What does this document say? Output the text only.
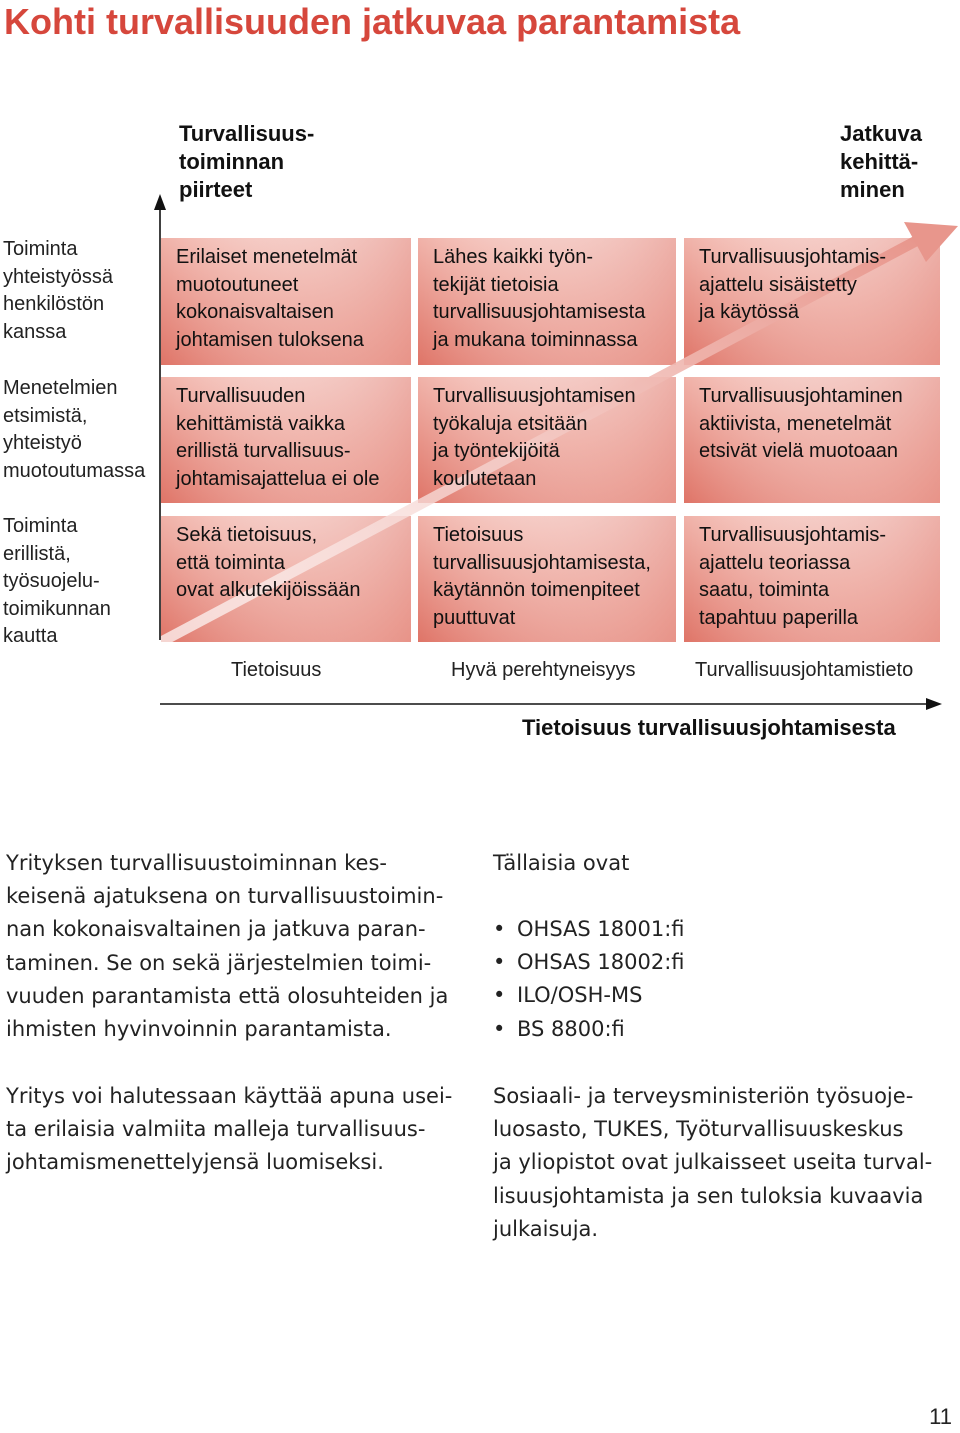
Kohti turvallisuuden jatkuvaa parantamista
Turvallisuus-
toiminnan
piirteet
Jatkuva
kehittä-
minen
Toiminta
yhteistyössä
henkilöstön
kanssa
Menetelmien
etsimistä,
yhteistyö
muotoutumassa
Toiminta
erillistä,
työsuojelu-
toimikunnan
kautta
Erilaiset menetelmät
muotoutuneet
kokonaisvaltaisen
johtamisen tuloksena
Lähes kaikki työn-
tekijät tietoisia
turvallisuusjohtamisesta
ja mukana toiminnassa
Turvallisuusjohtamis-
ajattelu sisäistetty
ja käytössä
Turvallisuuden
kehittämistä vaikka
erillistä turvallisuus-
johtamisajattelua ei ole
Turvallisuusjohtamisen
työkaluja etsitään
ja työntekijöitä
koulutetaan
Turvallisuusjohtaminen
aktiivista, menetelmät
etsivät vielä muotoaan
Sekä tietoisuus,
että toiminta
ovat alkutekijöissään
Tietoisuus
turvallisuusjohtamisesta,
käytännön toimenpiteet
puuttuvat
Turvallisuusjohtamis-
ajattelu teoriassa
saatu, toiminta
tapahtuu paperilla
Tietoisuus	Hyvä perehtyneisyys	Turvallisuusjohtamistieto
Tietoisuus turvallisuusjohtamisesta

Yrityksen turvallisuustoiminnan kes-
keisenä ajatuksena on turvallisuustoimin-
nan kokonaisvaltainen ja jatkuva paran-
taminen. Se on sekä järjestelmien toimi-
vuuden parantamista että olosuhteiden ja
ihmisten hyvinvoinnin parantamista.

Yritys voi halutessaan käyttää apuna usei-
ta erilaisia valmiita malleja turvallisuus-
johtamismenettelyjensä luomiseksi.

Tällaisia ovat

• OHSAS 18001:fi
• OHSAS 18002:fi
• ILO/OSH-MS
• BS 8800:fi

Sosiaali- ja terveysministeriön työsuoje-
luosasto, TUKES, Työturvallisuuskeskus
ja yliopistot ovat julkaisseet useita turval-
lisuusjohtamista ja sen tuloksia kuvaavia
julkaisuja.

11
